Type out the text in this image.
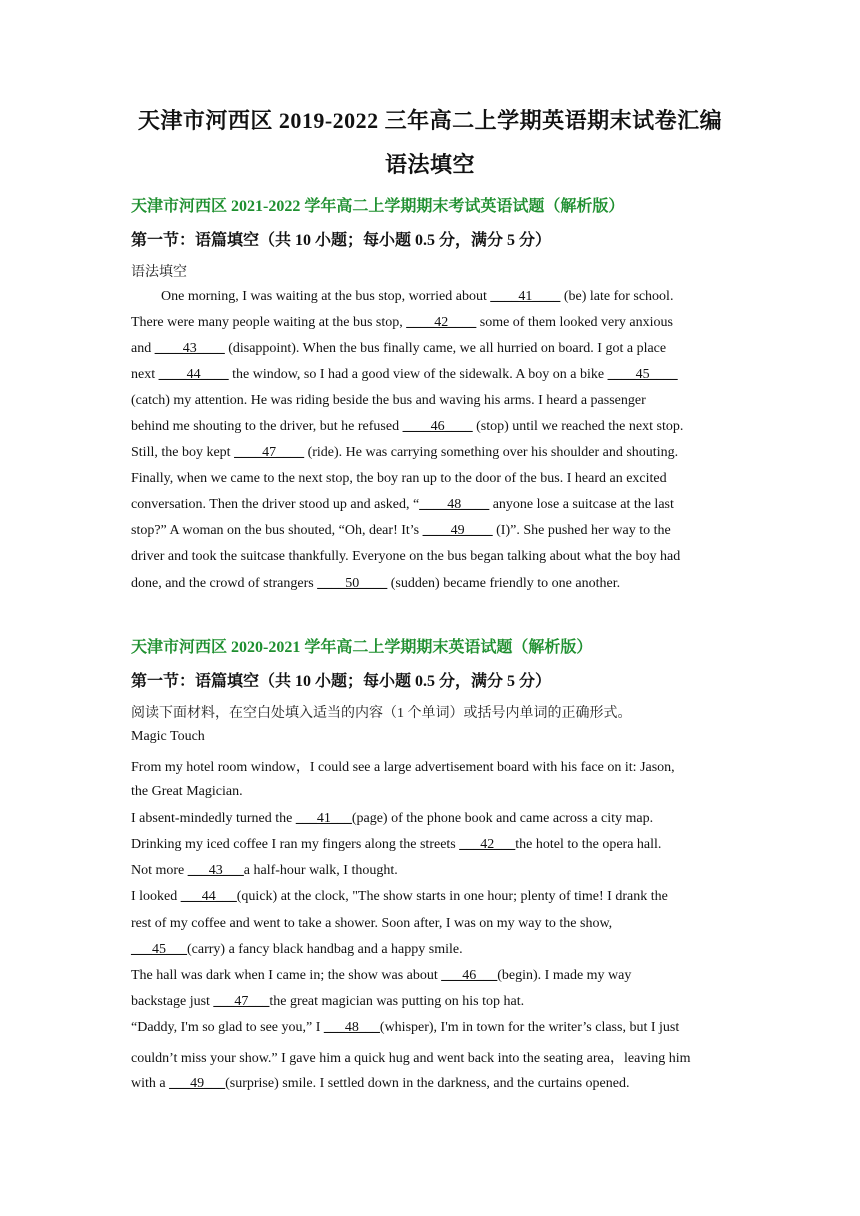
天津市河西区 2019-2022 三年高二上学期英语期末试卷汇编
语法填空
天津市河西区 2021-2022 学年高二上学期期末考试英语试题（解析版）
第一节：语篇填空（共 10 小题；每小题 0.5 分，满分 5 分）
语法填空
One morning, I was waiting at the bus stop, worried about ____41____ (be) late for school.
There were many people waiting at the bus stop, ____42____ some of them looked very anxious
and ____43____ (disappoint). When the bus finally came, we all hurried on board. I got a place
next ____44____ the window, so I had a good view of the sidewalk. A boy on a bike ____45____
(catch) my attention. He was riding beside the bus and waving his arms. I heard a passenger
behind me shouting to the driver, but he refused ____46____ (stop) until we reached the next stop.
Still, the boy kept ____47____ (ride). He was carrying something over his shoulder and shouting.
Finally, when we came to the next stop, the boy ran up to the door of the bus. I heard an excited
conversation. Then the driver stood up and asked, “____48____ anyone lose a suitcase at the last
stop?” A woman on the bus shouted, “Oh, dear! It’s ____49____ (I)”. She pushed her way to the
driver and took the suitcase thankfully. Everyone on the bus began talking about what the boy had
done, and the crowd of strangers ____50____ (sudden) became friendly to one another.
天津市河西区 2020-2021 学年高二上学期期末英语试题（解析版）
第一节：语篇填空（共 10 小题；每小题 0.5 分，满分 5 分）
阅读下面材料，在空白处填入适当的内容（1 个单词）或括号内单词的正确形式。
Magic Touch
From my hotel room window，I could see a large advertisement board with his face on it: Jason,
the Great Magician.
I absent-mindedly turned the ___41___(page) of the phone book and came across a city map.
Drinking my iced coffee I ran my fingers along the streets ___42___the hotel to the opera hall.
Not more ___43___a half-hour walk, I thought.
I looked ___44___(quick) at the clock, "The show starts in one hour; plenty of time! I drank the
rest of my coffee and went to take a shower. Soon after, I was on my way to the show,
___45___(carry) a fancy black handbag and a happy smile.
The hall was dark when I came in; the show was about ___46___(begin). I made my way
backstage just ___47___the great magician was putting on his top hat.
“Daddy, I'm so glad to see you,” I ___48___(whisper), I'm in town for the writer’s class, but I just
couldn’t miss your show.” I gave him a quick hug and went back into the seating area，leaving him
with a ___49___(surprise) smile. I settled down in the darkness, and the curtains opened.
